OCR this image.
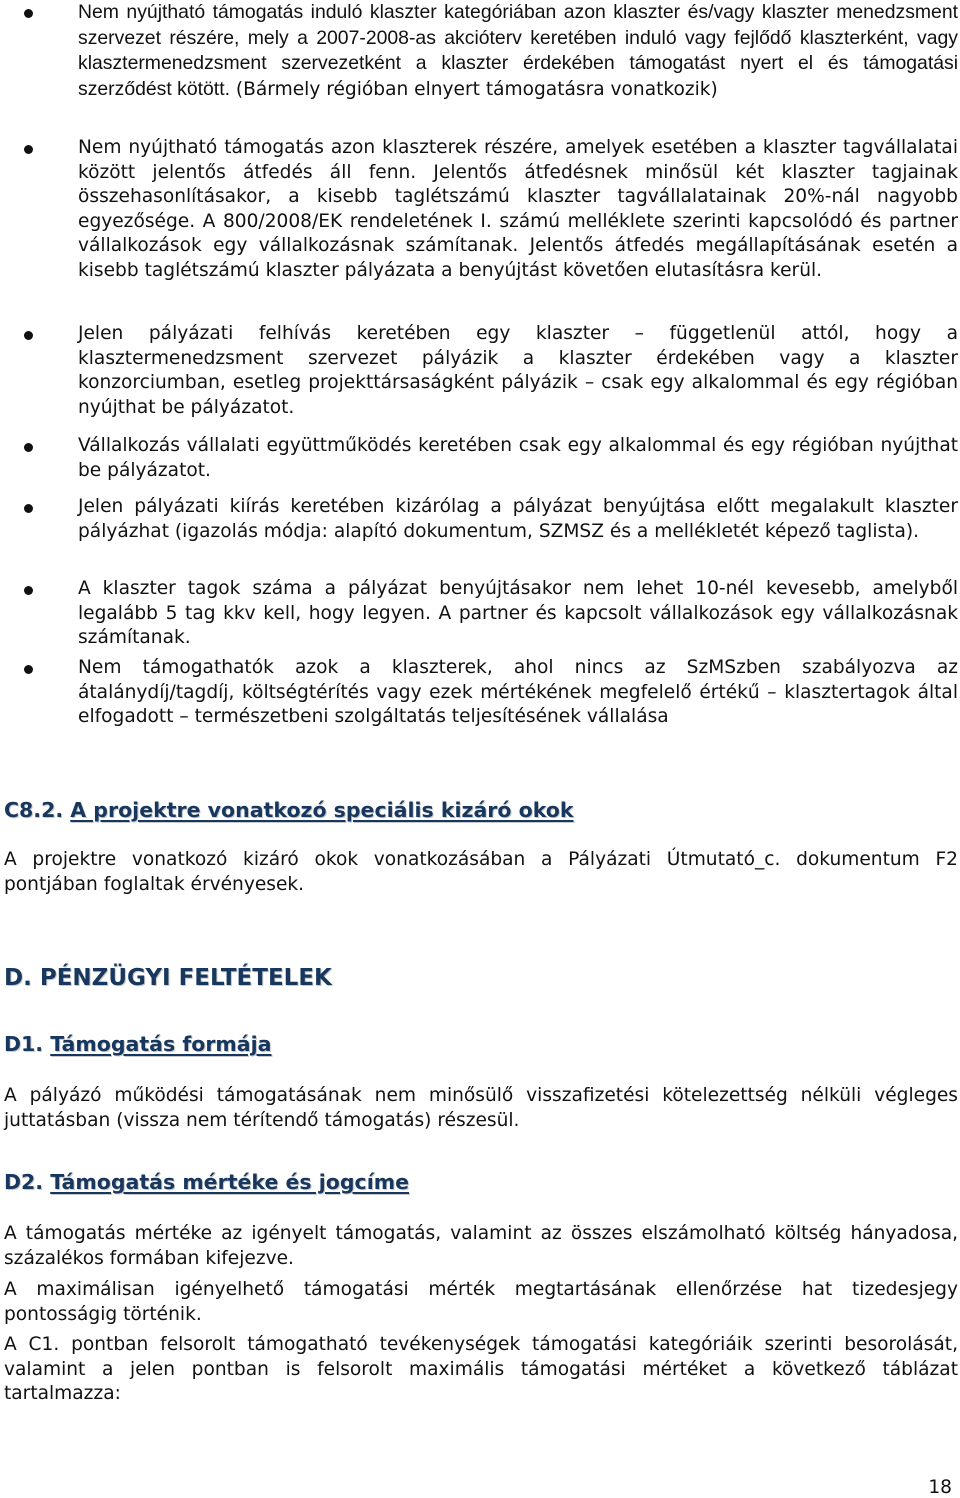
Nem nyújtható támogatás induló klaszter kategóriában azon klaszter és/vagy klaszter menedzsment szervezet részére, mely a 2007-2008-as akcióterv keretében induló vagy fejlődő klaszterként, vagy klasztermenedzsment szervezetként a klaszter érdekében támogatást nyert el és támogatási szerződést kötött. (Bármely régióban elnyert támogatásra vonatkozik)

Nem nyújtható támogatás azon klaszterek részére, amelyek esetében a klaszter tagvállalatai között jelentős átfedés áll fenn. Jelentős átfedésnek minősül két klaszter tagjainak összehasonlításakor, a kisebb taglétszámú klaszter tagvállalatainak 20%-nál nagyobb egyezősége. A 800/2008/EK rendeletének I. számú melléklete szerinti kapcsolódó és partner vállalkozások egy vállalkozásnak számítanak. Jelentős átfedés megállapításának esetén a kisebb taglétszámú klaszter pályázata a benyújtást követően elutasításra kerül.

Jelen pályázati felhívás keretében egy klaszter – függetlenül attól, hogy a klasztermenedzsment szervezet pályázik a klaszter érdekében vagy a klaszter konzorciumban, esetleg projekttársaságként pályázik – csak egy alkalommal és egy régióban nyújthat be pályázatot.

Vállalkozás vállalati együttműködés keretében csak egy alkalommal és egy régióban nyújthat be pályázatot.

Jelen pályázati kiírás keretében kizárólag a pályázat benyújtása előtt megalakult klaszter pályázhat (igazolás módja: alapító dokumentum, SZMSZ és a mellékletét képező taglista).

A klaszter tagok száma a pályázat benyújtásakor nem lehet 10-nél kevesebb, amelyből legalább 5 tag kkv kell, hogy legyen. A partner és kapcsolt vállalkozások egy vállalkozásnak számítanak.

Nem támogathatók azok a klaszterek, ahol nincs az SzMSzben szabályozva az átalánydíj/tagdíj, költségtérítés vagy ezek mértékének megfelelő értékű – klasztertagok által elfogadott – természetbeni szolgáltatás teljesítésének vállalása

C8.2. A projektre vonatkozó speciális kizáró okok

A projektre vonatkozó kizáró okok vonatkozásában a Pályázati Útmutató_c. dokumentum F2 pontjában foglaltak érvényesek.

D. PÉNZÜGYI FELTÉTELEK
D1. Támogatás formája

A pályázó működési támogatásának nem minősülő visszafizetési kötelezettség nélküli végleges juttatásban (vissza nem térítendő támogatás) részesül.

D2. Támogatás mértéke és jogcíme

A támogatás mértéke az igényelt támogatás, valamint az összes elszámolható költség hányadosa, százalékos formában kifejezve.

A maximálisan igényelhető támogatási mérték megtartásának ellenőrzése hat tizedesjegy pontosságig történik.

A C1. pontban felsorolt támogatható tevékenységek támogatási kategóriáik szerinti besorolását, valamint a jelen pontban is felsorolt maximális támogatási mértéket a következő táblázat tartalmazza:

18
